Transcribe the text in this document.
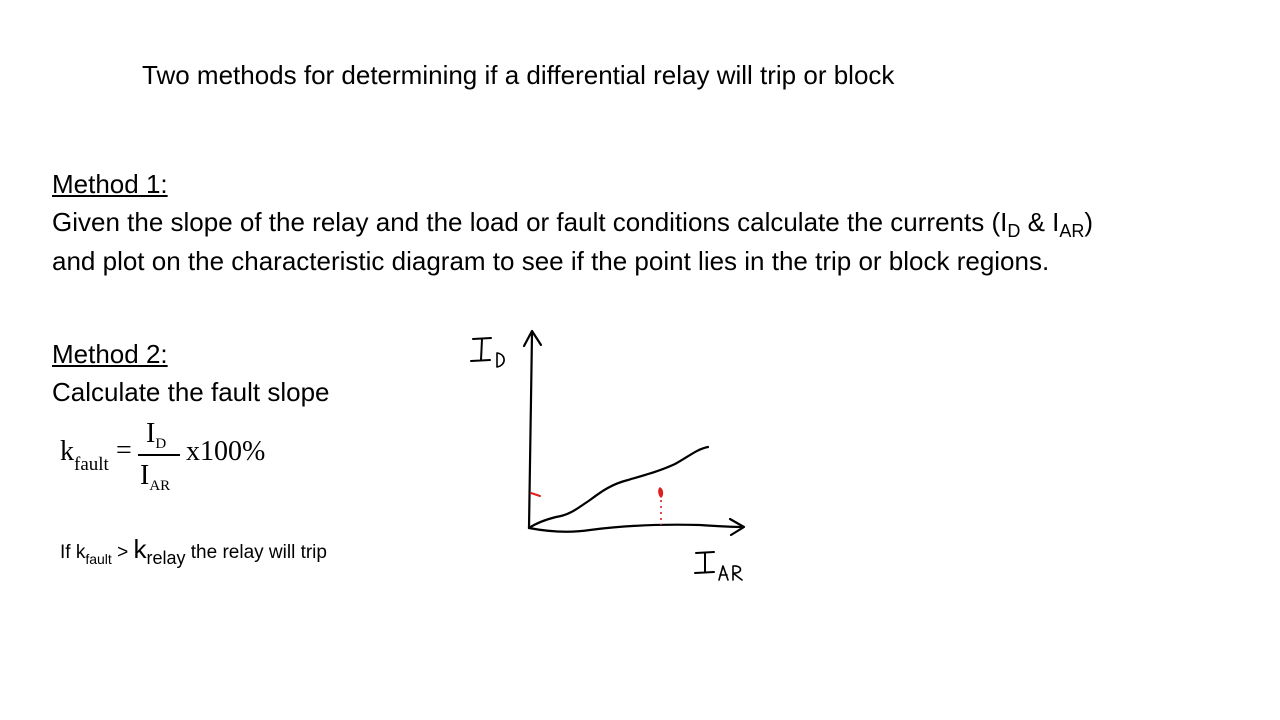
Two methods for determining if a differential relay will trip or block
Method 1:
Given the slope of the relay and the load or fault conditions calculate the currents ($I_D$ & $I_{AR}$)
and plot on the characteristic diagram to see if the point lies in the trip or block regions.
Method 2:
Calculate the fault slope
$k_{fault}$ =
$I_D$
$I_{AR}$
x100%
If $k_{fault}$ > krelay the relay will trip
